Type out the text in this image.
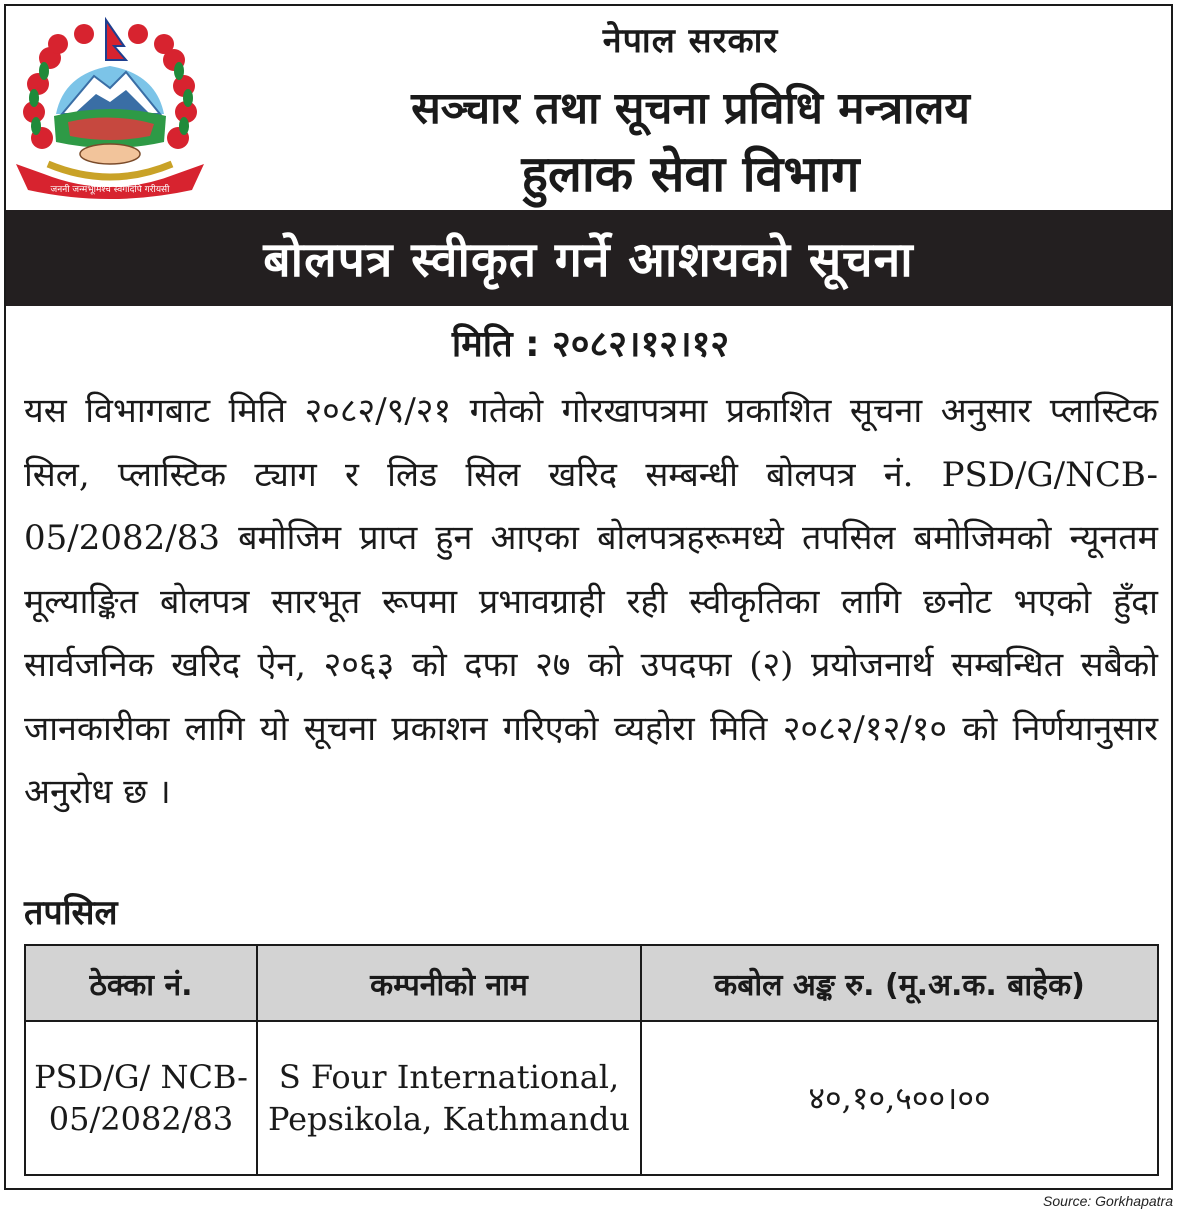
जननी जन्मभूमिश्च स्वर्गादपि गरीयसी
नेपाल सरकार
सञ्चार तथा सूचना प्रविधि मन्त्रालय
हुलाक सेवा विभाग
बोलपत्र स्वीकृत गर्ने आशयको सूचना
मिति : २०८२।१२।१२
यस विभागबाट मिति २०८२/९/२१ गतेको गोरखापत्रमा प्रकाशित सूचना अनुसार प्लास्टिक सिल, प्लास्टिक ट्याग र लिड सिल खरिद सम्बन्धी बोलपत्र नं. PSD/G/NCB-05/2082/83 बमोजिम प्राप्त हुन आएका बोलपत्रहरूमध्ये तपसिल बमोजिमको न्यूनतम मूल्याङ्कित बोलपत्र सारभूत रूपमा प्रभावग्राही रही स्वीकृतिका लागि छनोट भएको हुँदा सार्वजनिक खरिद ऐन, २०६३ को दफा २७ को उपदफा (२) प्रयोजनार्थ सम्बन्धित सबैको जानकारीका लागि यो सूचना प्रकाशन गरिएको व्यहोरा मिति २०८२/१२/१० को निर्णयानुसार अनुरोध छ ।
तपसिल
ठेक्का नं.	कम्पनीको नाम	कबोल अङ्क रु. (मू.अ.क. बाहेक)
PSD/G/ NCB- 05/2082/83	S Four International, Pepsikola, Kathmandu	४०,१०,५००।००
Source: Gorkhapatra
